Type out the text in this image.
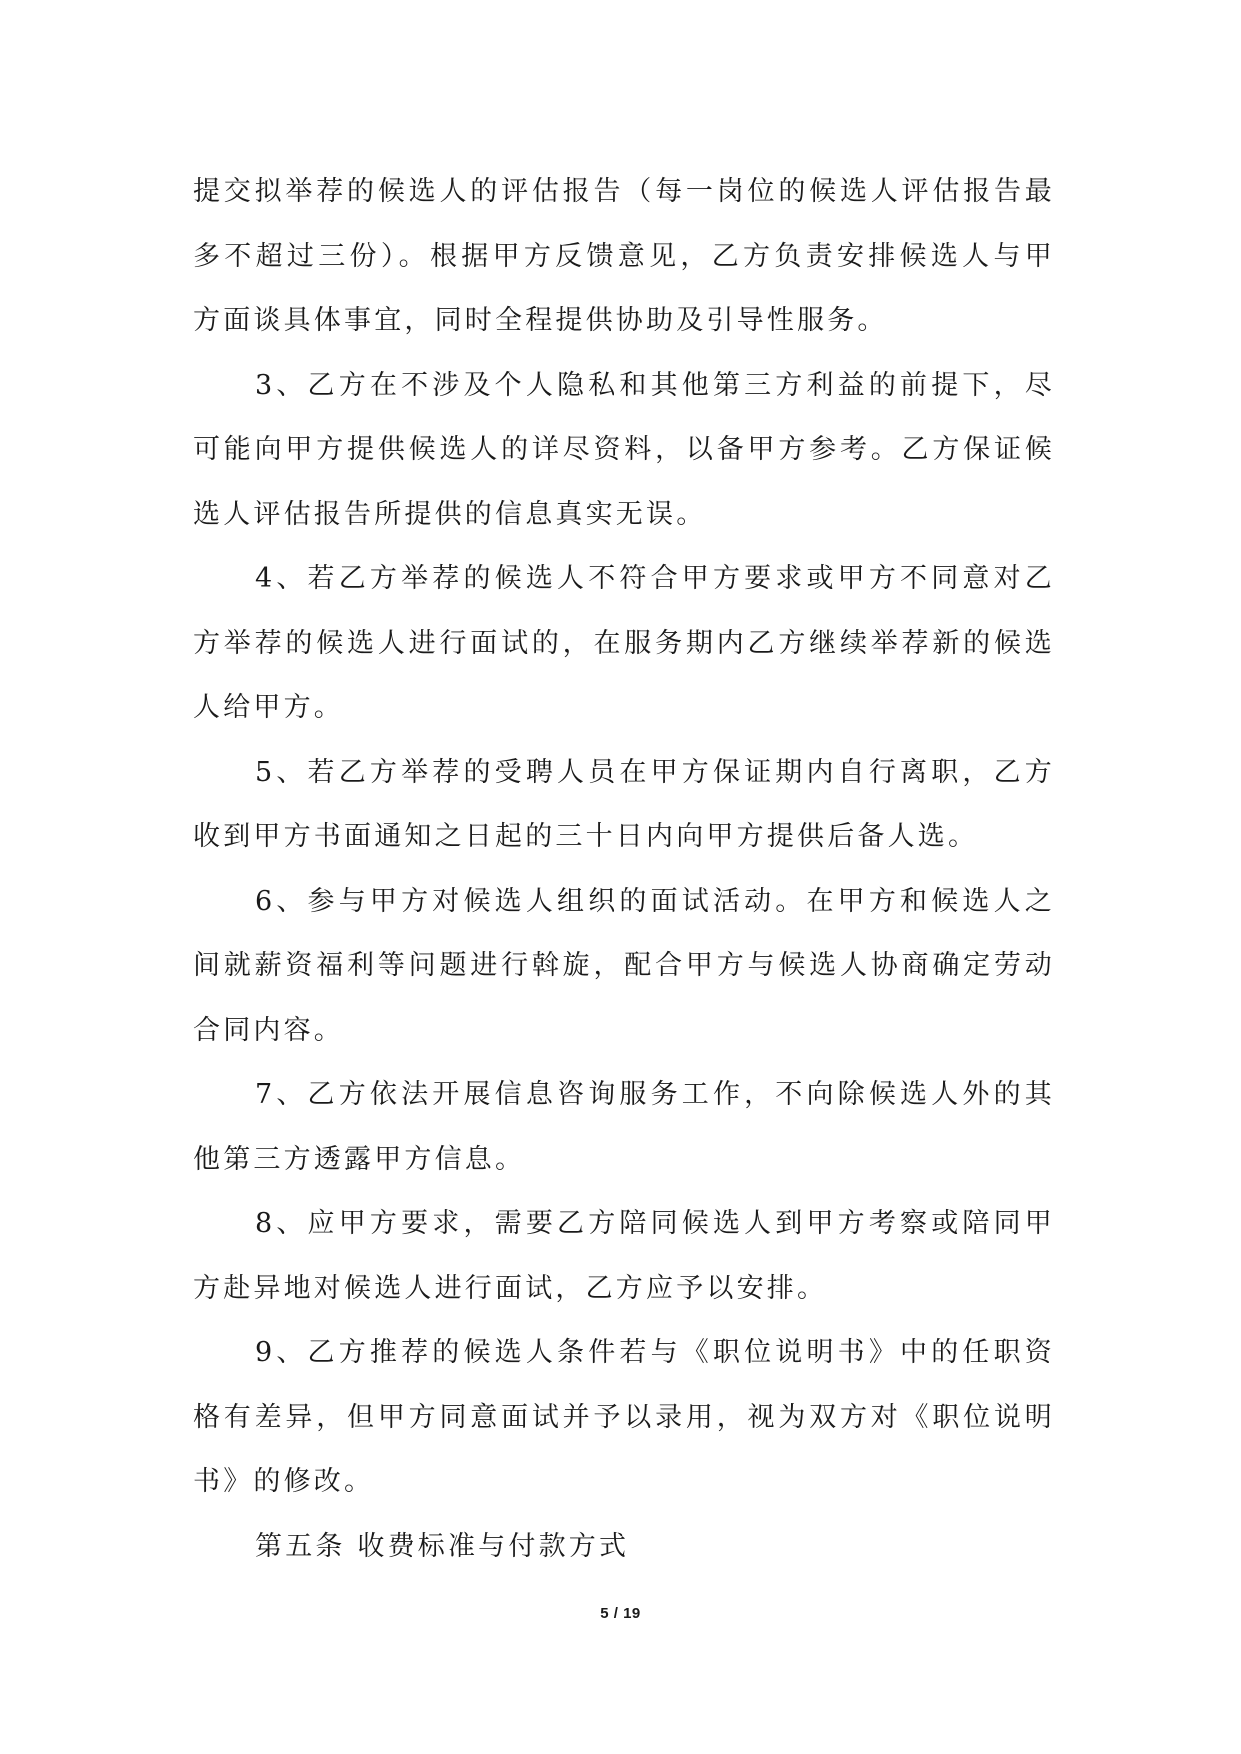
提交拟举荐的候选人的评估报告（每一岗位的候选人评估报告最多不超过三份）。根据甲方反馈意见，乙方负责安排候选人与甲方面谈具体事宜，同时全程提供协助及引导性服务。

3、乙方在不涉及个人隐私和其他第三方利益的前提下，尽可能向甲方提供候选人的详尽资料，以备甲方参考。乙方保证候选人评估报告所提供的信息真实无误。

4、若乙方举荐的候选人不符合甲方要求或甲方不同意对乙方举荐的候选人进行面试的，在服务期内乙方继续举荐新的候选人给甲方。

5、若乙方举荐的受聘人员在甲方保证期内自行离职，乙方收到甲方书面通知之日起的三十日内向甲方提供后备人选。

6、参与甲方对候选人组织的面试活动。在甲方和候选人之间就薪资福利等问题进行斡旋，配合甲方与候选人协商确定劳动合同内容。

7、乙方依法开展信息咨询服务工作，不向除候选人外的其他第三方透露甲方信息。

8、应甲方要求，需要乙方陪同候选人到甲方考察或陪同甲方赴异地对候选人进行面试，乙方应予以安排。

9、乙方推荐的候选人条件若与《职位说明书》中的任职资格有差异，但甲方同意面试并予以录用，视为双方对《职位说明书》的修改。

第五条 收费标准与付款方式

5 / 19
